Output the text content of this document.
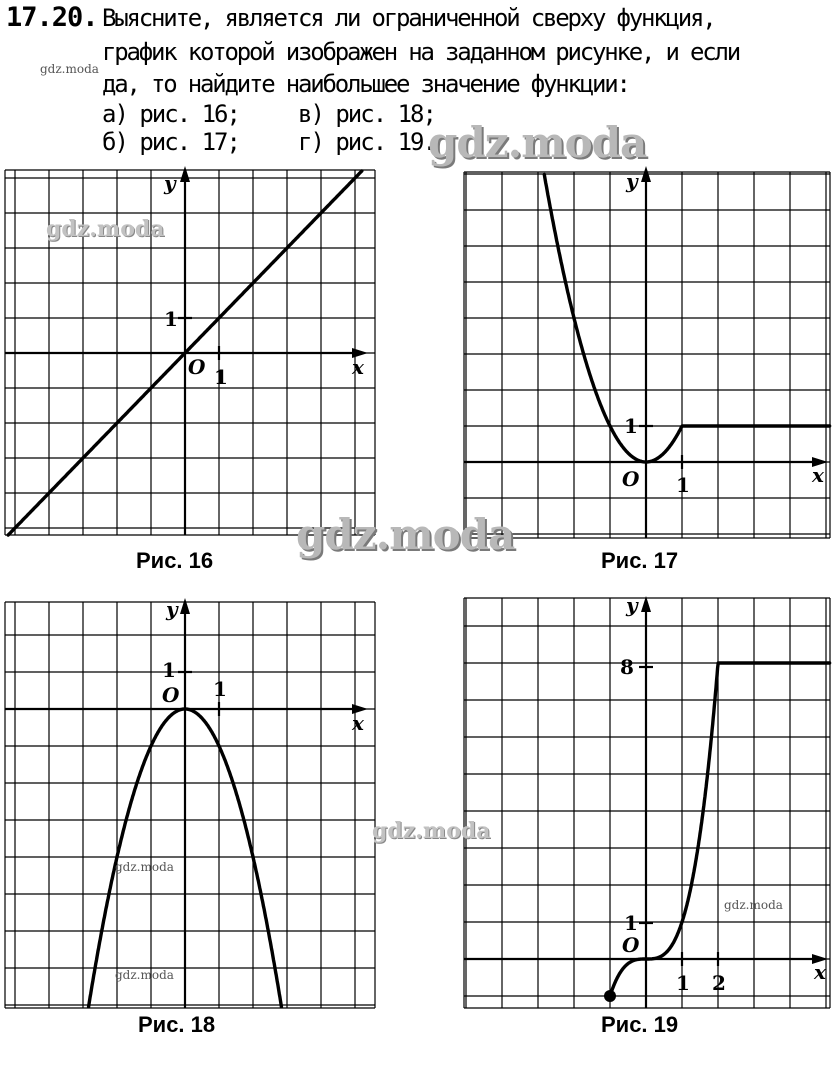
17.20. Выясните, является ли ограниченной сверху функция,
график которой изображен на заданном рисунке, и если
да, то найдите наибольшее значение функции:
а) рис. 16; в) рис. 18;
б) рис. 17; г) рис. 19.
gdz.moda
gdz.moda
y
x
O 1
1
gdz.moda
Рис. 16
y
x
O 1
1
gdz.moda
Рис. 17
y
x
O 1
1
gdz.moda
gdz.moda
Рис. 18
y
x
O
1 2
1
8
gdz.moda
gdz.moda
Рис. 19
